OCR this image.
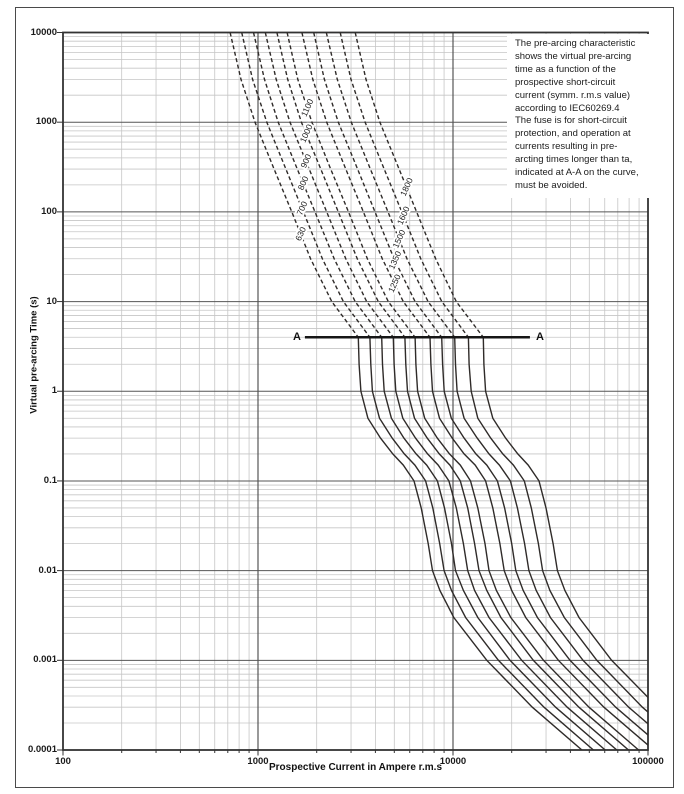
630
700
800
900
1000
1100
1250
1350
1500
1600
1800
Prospective Current in Ampere r.m.s
Virtual pre-arcing Time (s)
The pre-arcing characteristic
shows the virtual pre-arcing
time as a function of the
prospective short-circuit
current (symm. r.m.s value)
according to IEC60269.4
The fuse is for short-circuit
protection, and operation at
currents resulting in pre-
arcting times longer than ta,
indicated at A-A on the curve,
must be avoided.
A	A
10000
1000
100
10
1
0.1
0.01
0.001
0.0001
100	1000	10000	100000
